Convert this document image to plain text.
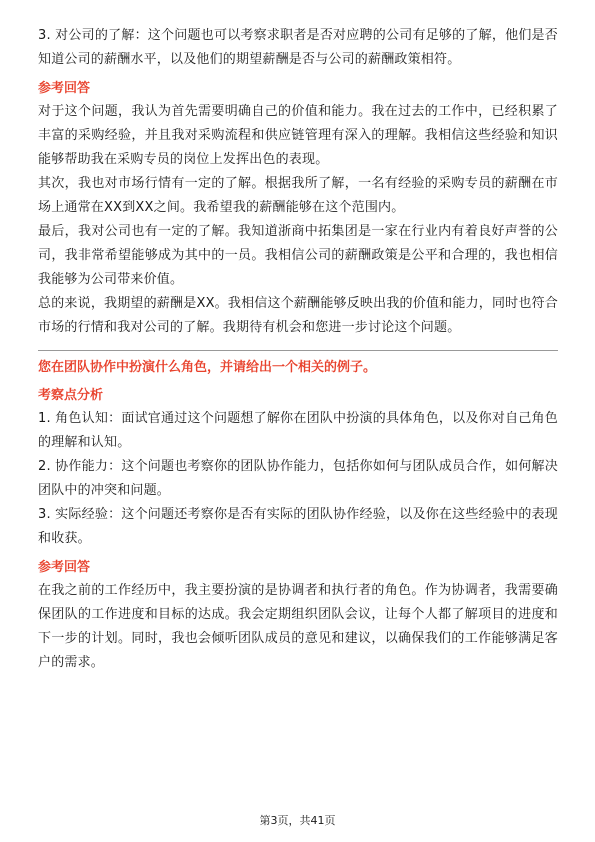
3. 对公司的了解：这个问题也可以考察求职者是否对应聘的公司有足够的了解，他们是否知道公司的薪酬水平，以及他们的期望薪酬是否与公司的薪酬政策相符。

参考回答

对于这个问题，我认为首先需要明确自己的价值和能力。我在过去的工作中，已经积累了丰富的采购经验，并且我对采购流程和供应链管理有深入的理解。我相信这些经验和知识能够帮助我在采购专员的岗位上发挥出色的表现。

其次，我也对市场行情有一定的了解。根据我所了解，一名有经验的采购专员的薪酬在市场上通常在XX到XX之间。我希望我的薪酬能够在这个范围内。

最后，我对公司也有一定的了解。我知道浙商中拓集团是一家在行业内有着良好声誉的公司，我非常希望能够成为其中的一员。我相信公司的薪酬政策是公平和合理的，我也相信我能够为公司带来价值。

总的来说，我期望的薪酬是XX。我相信这个薪酬能够反映出我的价值和能力，同时也符合市场的行情和我对公司的了解。我期待有机会和您进一步讨论这个问题。

您在团队协作中扮演什么角色，并请给出一个相关的例子。
考察点分析

1. 角色认知：面试官通过这个问题想了解你在团队中扮演的具体角色，以及你对自己角色的理解和认知。

2. 协作能力：这个问题也考察你的团队协作能力，包括你如何与团队成员合作，如何解决团队中的冲突和问题。

3. 实际经验：这个问题还考察你是否有实际的团队协作经验，以及你在这些经验中的表现和收获。

参考回答

在我之前的工作经历中，我主要扮演的是协调者和执行者的角色。作为协调者，我需要确保团队的工作进度和目标的达成。我会定期组织团队会议，让每个人都了解项目的进度和下一步的计划。同时，我也会倾听团队成员的意见和建议，以确保我们的工作能够满足客户的需求。

第3页，共41页
